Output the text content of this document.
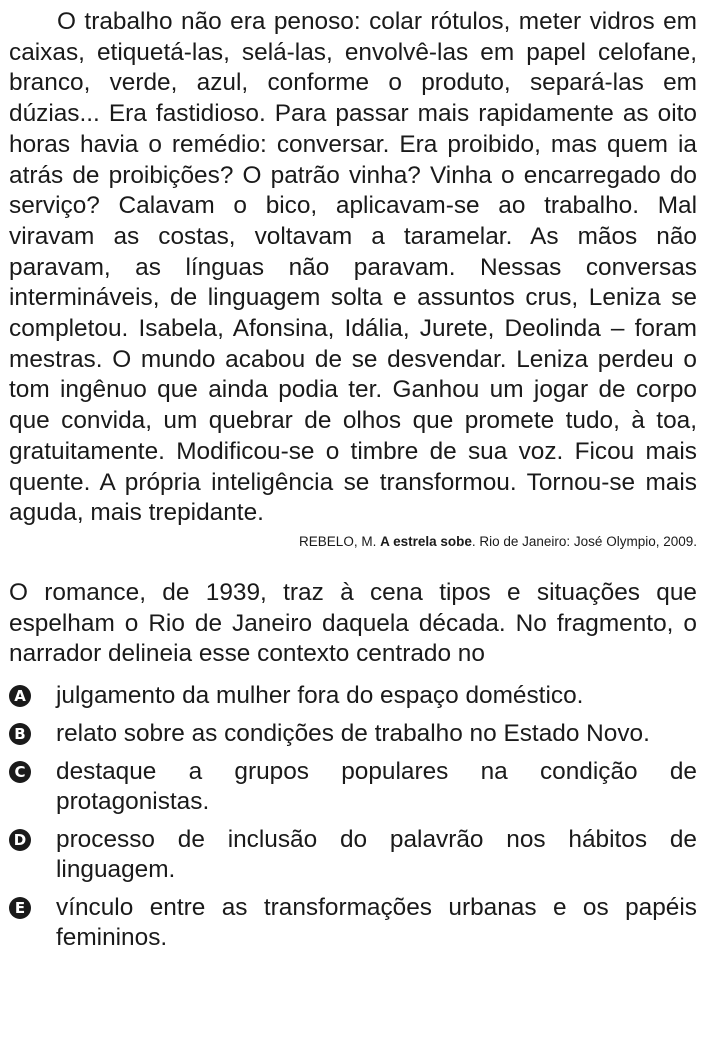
O trabalho não era penoso: colar rótulos, meter vidros em caixas, etiquetá-las, selá-las, envolvê-las em papel celofane, branco, verde, azul, conforme o produto, separá-las em dúzias... Era fastidioso. Para passar mais rapidamente as oito horas havia o remédio: conversar. Era proibido, mas quem ia atrás de proibições? O patrão vinha? Vinha o encarregado do serviço? Calavam o bico, aplicavam-se ao trabalho. Mal viravam as costas, voltavam a taramelar. As mãos não paravam, as línguas não paravam. Nessas conversas intermináveis, de linguagem solta e assuntos crus, Leniza se completou. Isabela, Afonsina, Idália, Jurete, Deolinda – foram mestras. O mundo acabou de se desvendar. Leniza perdeu o tom ingênuo que ainda podia ter. Ganhou um jogar de corpo que convida, um quebrar de olhos que promete tudo, à toa, gratuitamente. Modificou-se o timbre de sua voz. Ficou mais quente. A própria inteligência se transformou. Tornou-se mais aguda, mais trepidante.

REBELO, M. A estrela sobe. Rio de Janeiro: José Olympio, 2009.

O romance, de 1939, traz à cena tipos e situações que espelham o Rio de Janeiro daquela década. No fragmento, o narrador delineia esse contexto centrado no

A julgamento da mulher fora do espaço doméstico.
B relato sobre as condições de trabalho no Estado Novo.
C destaque a grupos populares na condição de protagonistas.
D processo de inclusão do palavrão nos hábitos de linguagem.
E vínculo entre as transformações urbanas e os papéis femininos.
